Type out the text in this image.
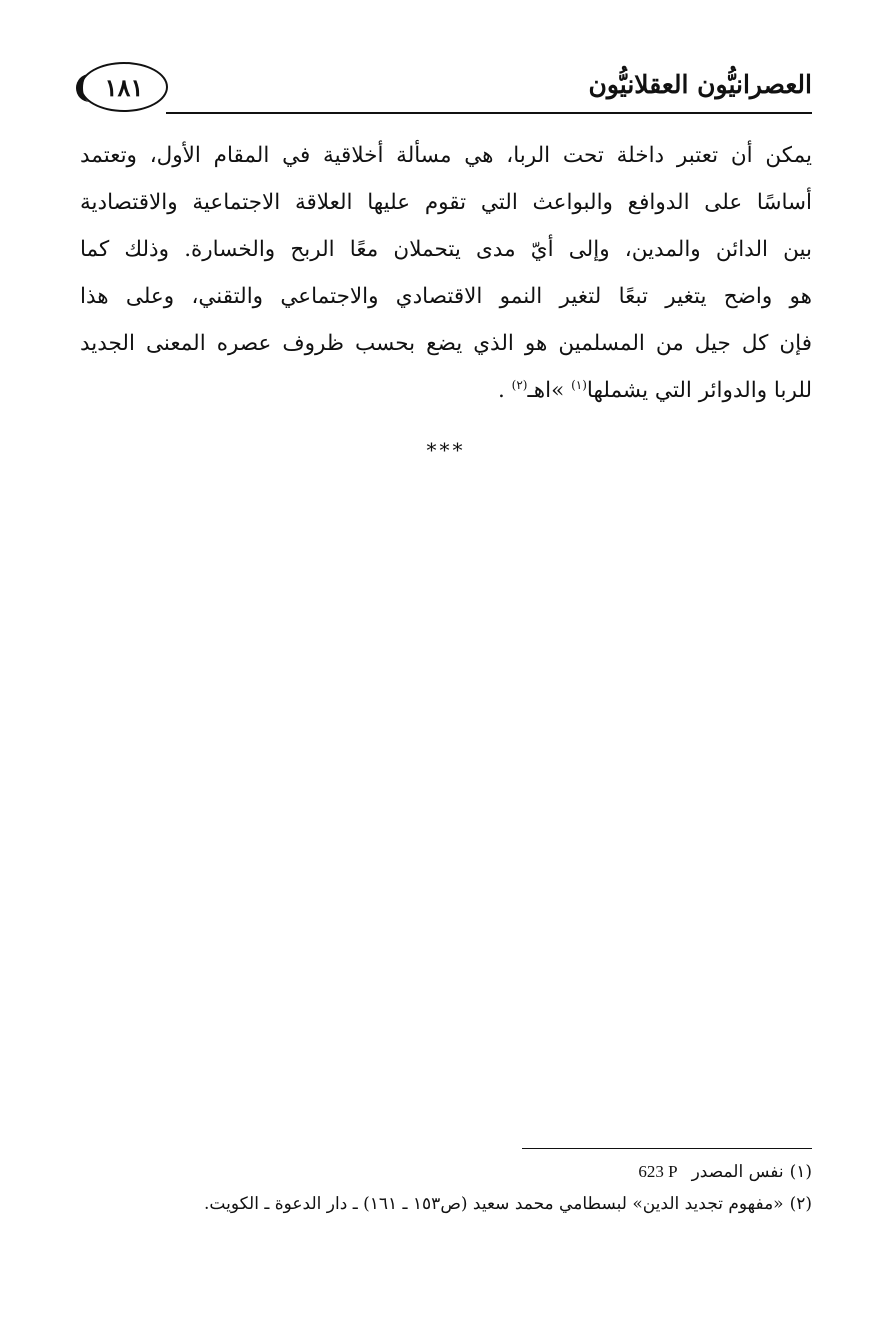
العصرانيُّون العقلانيُّون
١٨١
يمكن أن تعتبر داخلة تحت الربا، هي مسألة أخلاقية في المقام الأول، وتعتمد
أساسًا على الدوافع والبواعث التي تقوم عليها العلاقة الاجتماعية والاقتصادية
بين الدائن والمدين، وإلى أيّ مدى يتحملان معًا الربح والخسارة. وذلك كما
هو واضح يتغير تبعًا لتغير النمو الاقتصادي والاجتماعي والتقني، وعلى هذا
فإن كل جيل من المسلمين هو الذي يضع بحسب ظروف عصره المعنى الجديد
للربا والدوائر التي يشملها$^{(١)}$ »اهـ$^{(٢)}$ .
***
(١)نفس المصدر623 P
(٢)«مفهوم تجديد الدين» لبسطامي محمد سعيد (ص١٥٣ ـ ١٦١) ـ دار الدعوة ـ الكويت.
